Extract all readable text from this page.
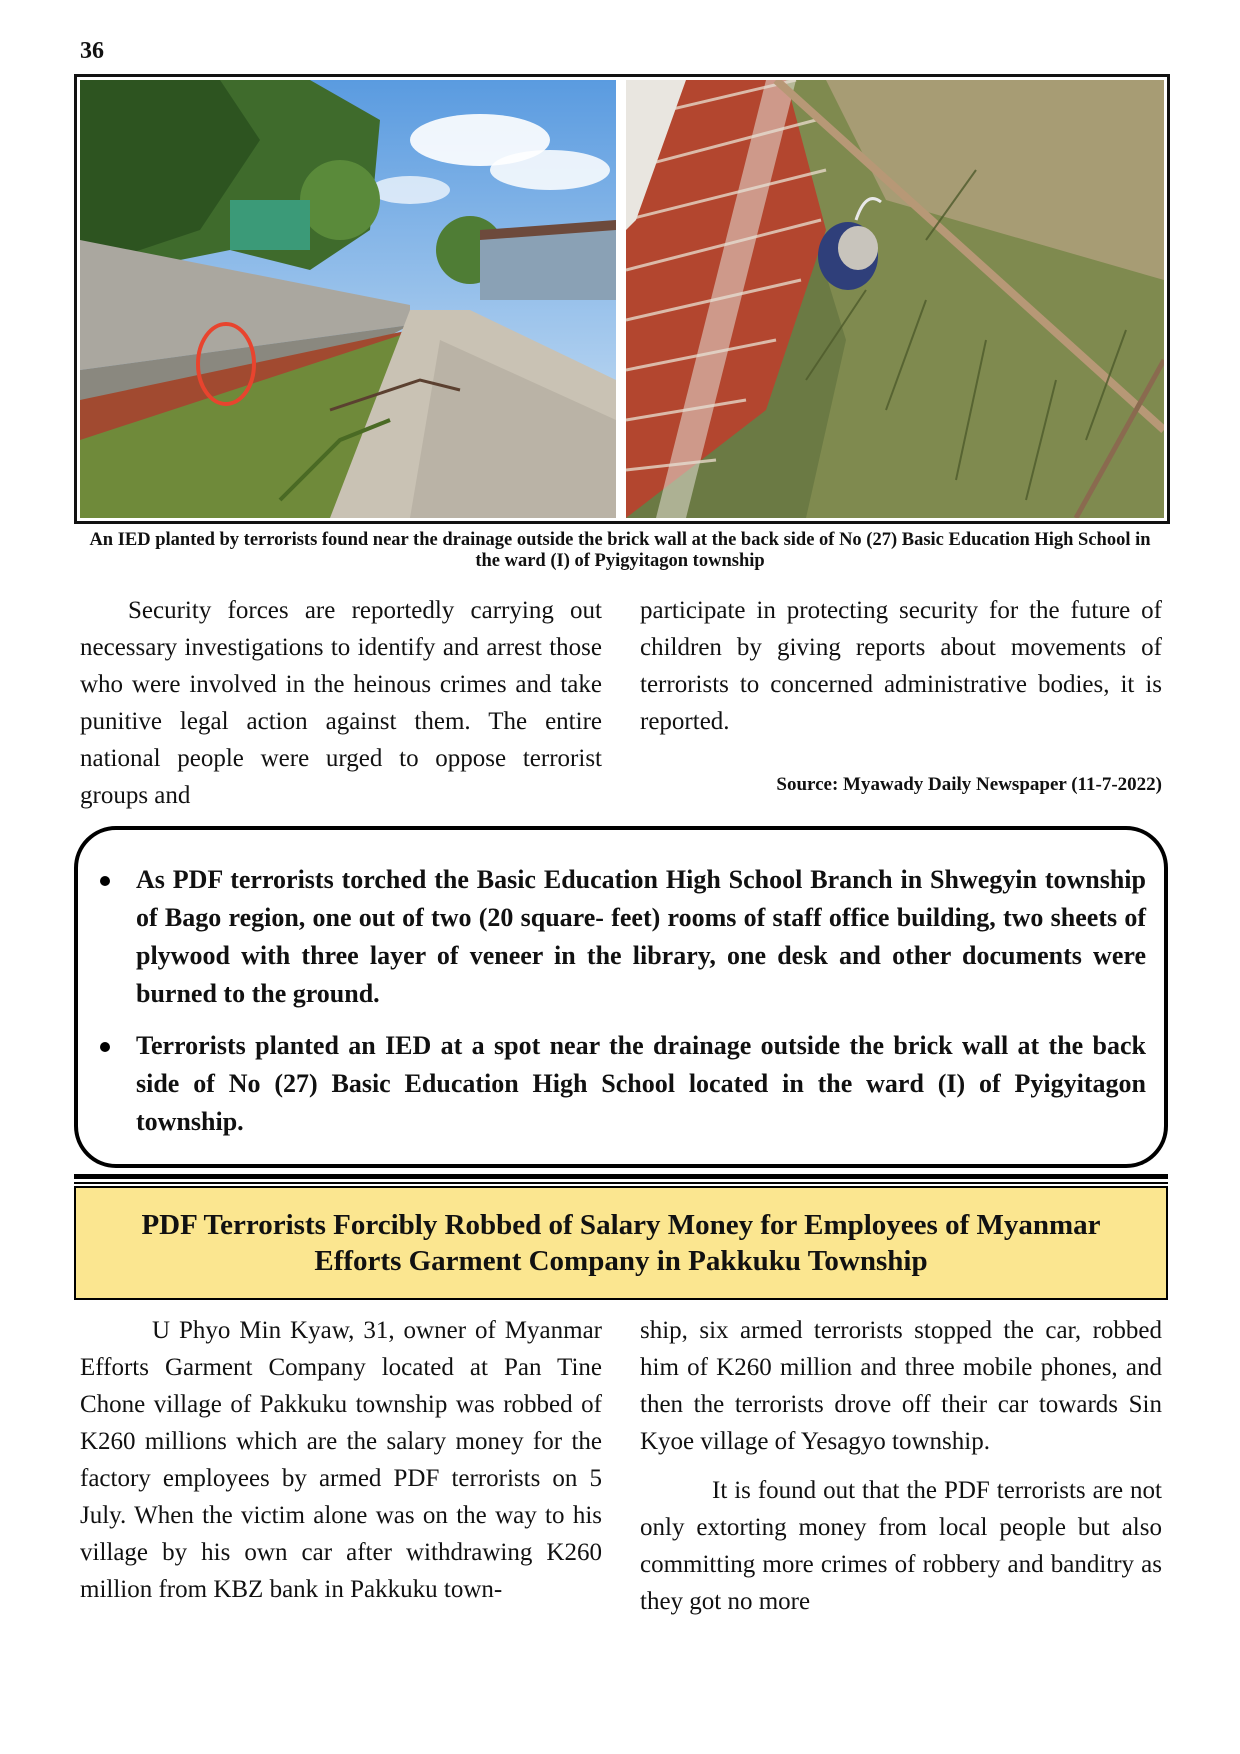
36
An IED planted by terrorists found near the drainage outside the brick wall at the back side of No (27) Basic Education High School in the ward (I) of Pyigyitagon township

Security forces are reportedly carrying out necessary investigations to identify and arrest those who were involved in the heinous crimes and take punitive legal action against them. The entire national people were urged to oppose terrorist groups and

participate in protecting security for the future of children by giving reports about movements of terrorists to concerned administrative bodies, it is reported.

Source: Myawady Daily Newspaper (11-7-2022)
As PDF terrorists torched the Basic Education High School Branch in Shwegyin township of Bago region, one out of two (20 square- feet) rooms of staff office building, two sheets of plywood with three layer of veneer in the library, one desk and other documents were burned to the ground.
Terrorists planted an IED at a spot near the drainage outside the brick wall at the back side of No (27) Basic Education High School located in the ward (I) of Pyigyitagon township.
PDF Terrorists Forcibly Robbed of Salary Money for Employees of Myanmar Efforts Garment Company in Pakkuku Township

U Phyo Min Kyaw, 31, owner of Myanmar Efforts Garment Company located at Pan Tine Chone village of Pakkuku township was robbed of K260 millions which are the salary money for the factory employees by armed PDF terrorists on 5 July. When the victim alone was on the way to his village by his own car after withdrawing K260 million from KBZ bank in Pakkuku town-

ship, six armed terrorists stopped the car, robbed him of K260 million and three mobile phones, and then the terrorists drove off their car towards Sin Kyoe village of Yesagyo township.

It is found out that the PDF terrorists are not only extorting money from local people but also committing more crimes of robbery and banditry as they got no more
